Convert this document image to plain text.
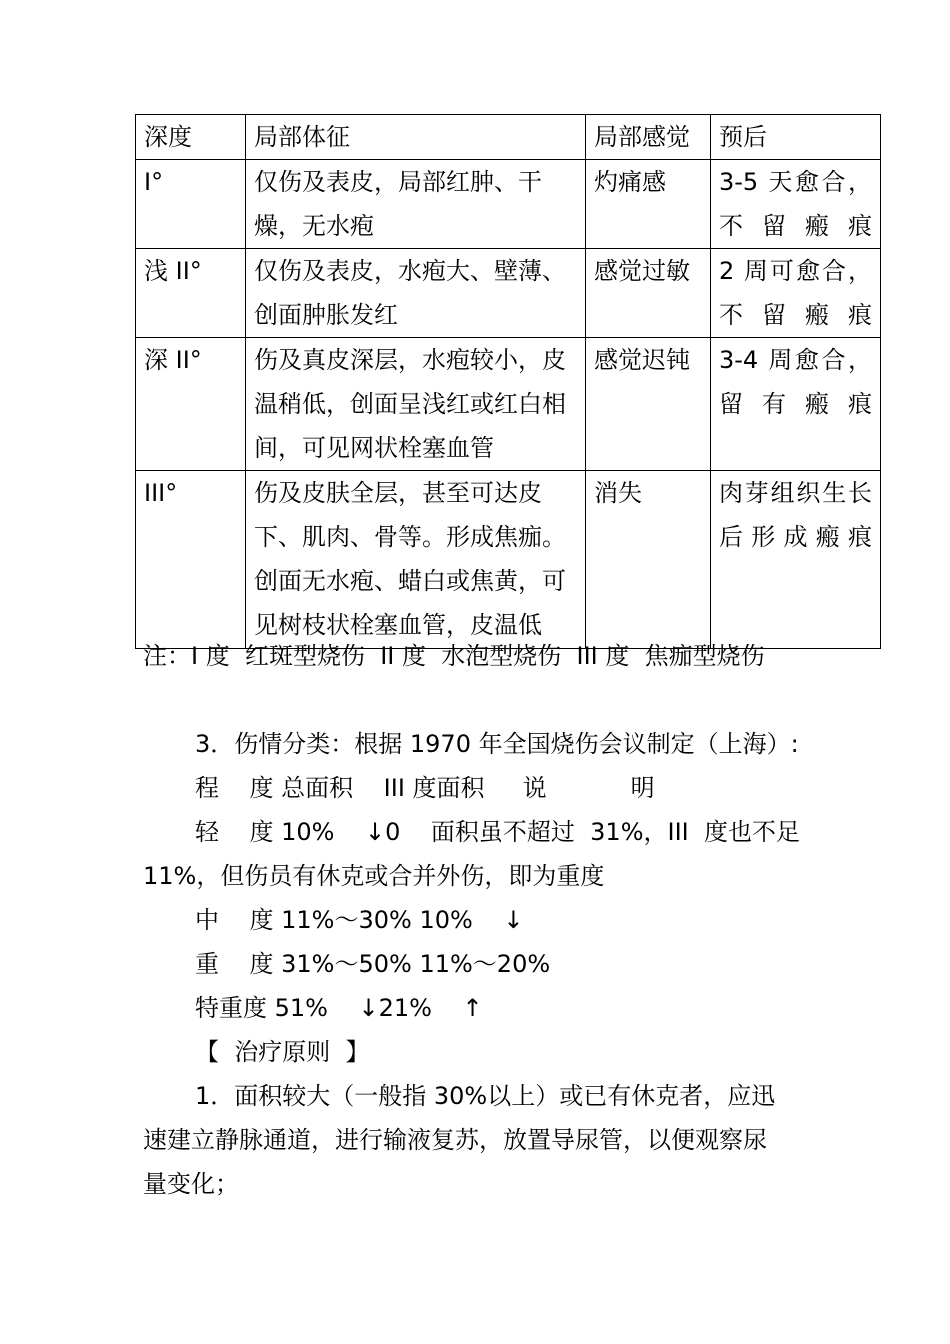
深度	局部体征	局部感觉	预后
I°	仅伤及表皮，局部红肿、干燥，无水疱	灼痛感	3-5 天愈合，不留瘢痕
浅 II°	仅伤及表皮，水疱大、壁薄、创面肿胀发红	感觉过敏	2 周可愈合，不留瘢痕
深 II°	伤及真皮深层，水疱较小，皮温稍低，创面呈浅红或红白相间，可见网状栓塞血管	感觉迟钝	3-4 周愈合，留有瘢痕
III°	伤及皮肤全层，甚至可达皮下、肌肉、骨等。形成焦痂。创面无水疱、蜡白或焦黄，可见树枝状栓塞血管，皮温低	消失	肉芽组织生长后形成瘢痕
注：I 度  红斑型烧伤  II 度  水泡型烧伤  III 度  焦痂型烧伤
3．伤情分类：根据 1970 年全国烧伤会议制定（上海）:
程    度 总面积    III 度面积     说           明
轻    度 10%    ↓0    面积虽不超过  31%，III  度也不足
11%，但伤员有休克或合并外伤，即为重度
中    度 11%～30% 10%    ↓
重    度 31%～50% 11%～20%
特重度 51%    ↓21%    ↑
【  治疗原则  】
1．面积较大（一般指 30%以上）或已有休克者，应迅
速建立静脉通道，进行输液复苏，放置导尿管，以便观察尿
量变化；
